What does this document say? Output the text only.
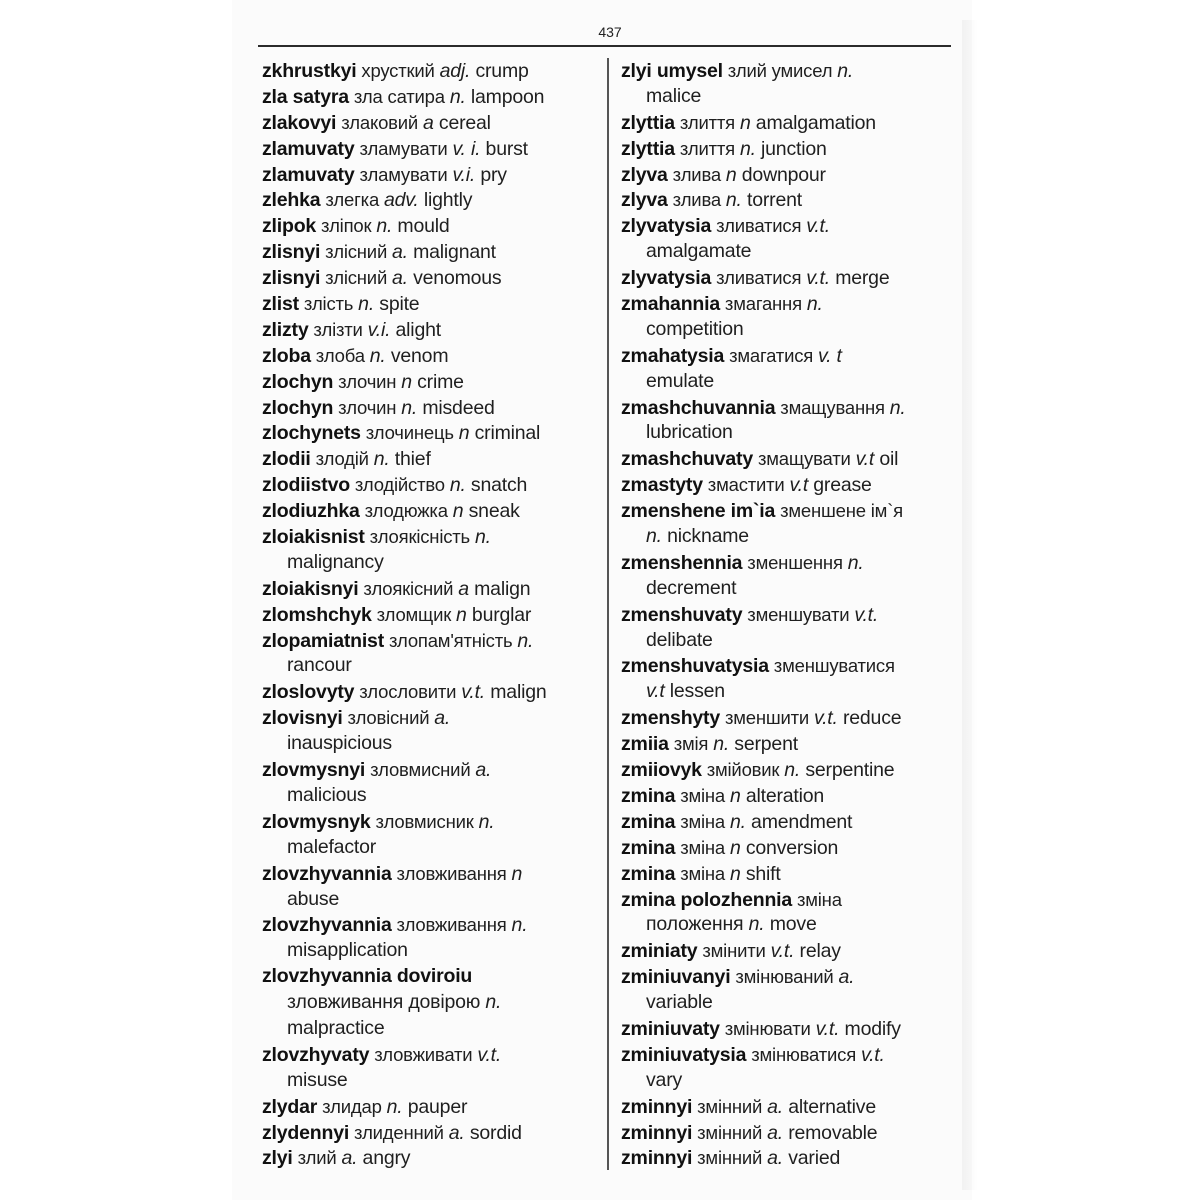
437
zkhrustkyi хрусткий adj. crump
zla satyra зла сатира n. lampoon
zlakovyi злаковий a cereal
zlamuvaty зламувати v. i. burst
zlamuvaty зламувати v.i. pry
zlehka злегка adv. lightly
zlipok зліпок n. mould
zlisnyi злісний a. malignant
zlisnyi злісний a. venomous
zlist злість n. spite
zlizty злізти v.i. alight
zloba злоба n. venom
zlochyn злочин n crime
zlochyn злочин n. misdeed
zlochynets злочинець n criminal
zlodii злодій n. thief
zlodiistvo злодійство n. snatch
zlodiuzhka злодюжка n sneak
zloiakisnist злоякісність n.
malignancy
zloiakisnyi злоякісний a malign
zlomshchyk зломщик n burglar
zlopamiatnist злопам'ятність n.
rancour
zloslovyty злословити v.t. malign
zlovisnyi зловісний a.
inauspicious
zlovmysnyi зловмисний a.
malicious
zlovmysnyk зловмисник n.
malefactor
zlovzhyvannia зловживання n
abuse
zlovzhyvannia зловживання n.
misapplication
zlovzhyvannia doviroiu
зловживання довірою n.
malpractice
zlovzhyvaty зловживати v.t.
misuse
zlydar злидар n. pauper
zlydennyi злиденний a. sordid
zlyi злий a. angry
zlyi umysel злий умисел n.
malice
zlyttia злиття n amalgamation
zlyttia злиття n. junction
zlyva злива n downpour
zlyva злива n. torrent
zlyvatysia зливатися v.t.
amalgamate
zlyvatysia зливатися v.t. merge
zmahannia змагання n.
competition
zmahatysia змагатися v. t
emulate
zmashchuvannia змащування n.
lubrication
zmashchuvaty змащувати v.t oil
zmastyty змастити v.t grease
zmenshene im`ia зменшене ім`я
n. nickname
zmenshennia зменшення n.
decrement
zmenshuvaty зменшувати v.t.
delibate
zmenshuvatysia зменшуватися
v.t lessen
zmenshyty зменшити v.t. reduce
zmiia змія n. serpent
zmiiovyk змійовик n. serpentine
zmina зміна n alteration
zmina зміна n. amendment
zmina зміна n conversion
zmina зміна n shift
zmina polozhennia зміна
положення n. move
zminiaty змінити v.t. relay
zminiuvanyi змінюваний a.
variable
zminiuvaty змінювати v.t. modify
zminiuvatysia змінюватися v.t.
vary
zminnyi змінний a. alternative
zminnyi змінний a. removable
zminnyi змінний a. varied
